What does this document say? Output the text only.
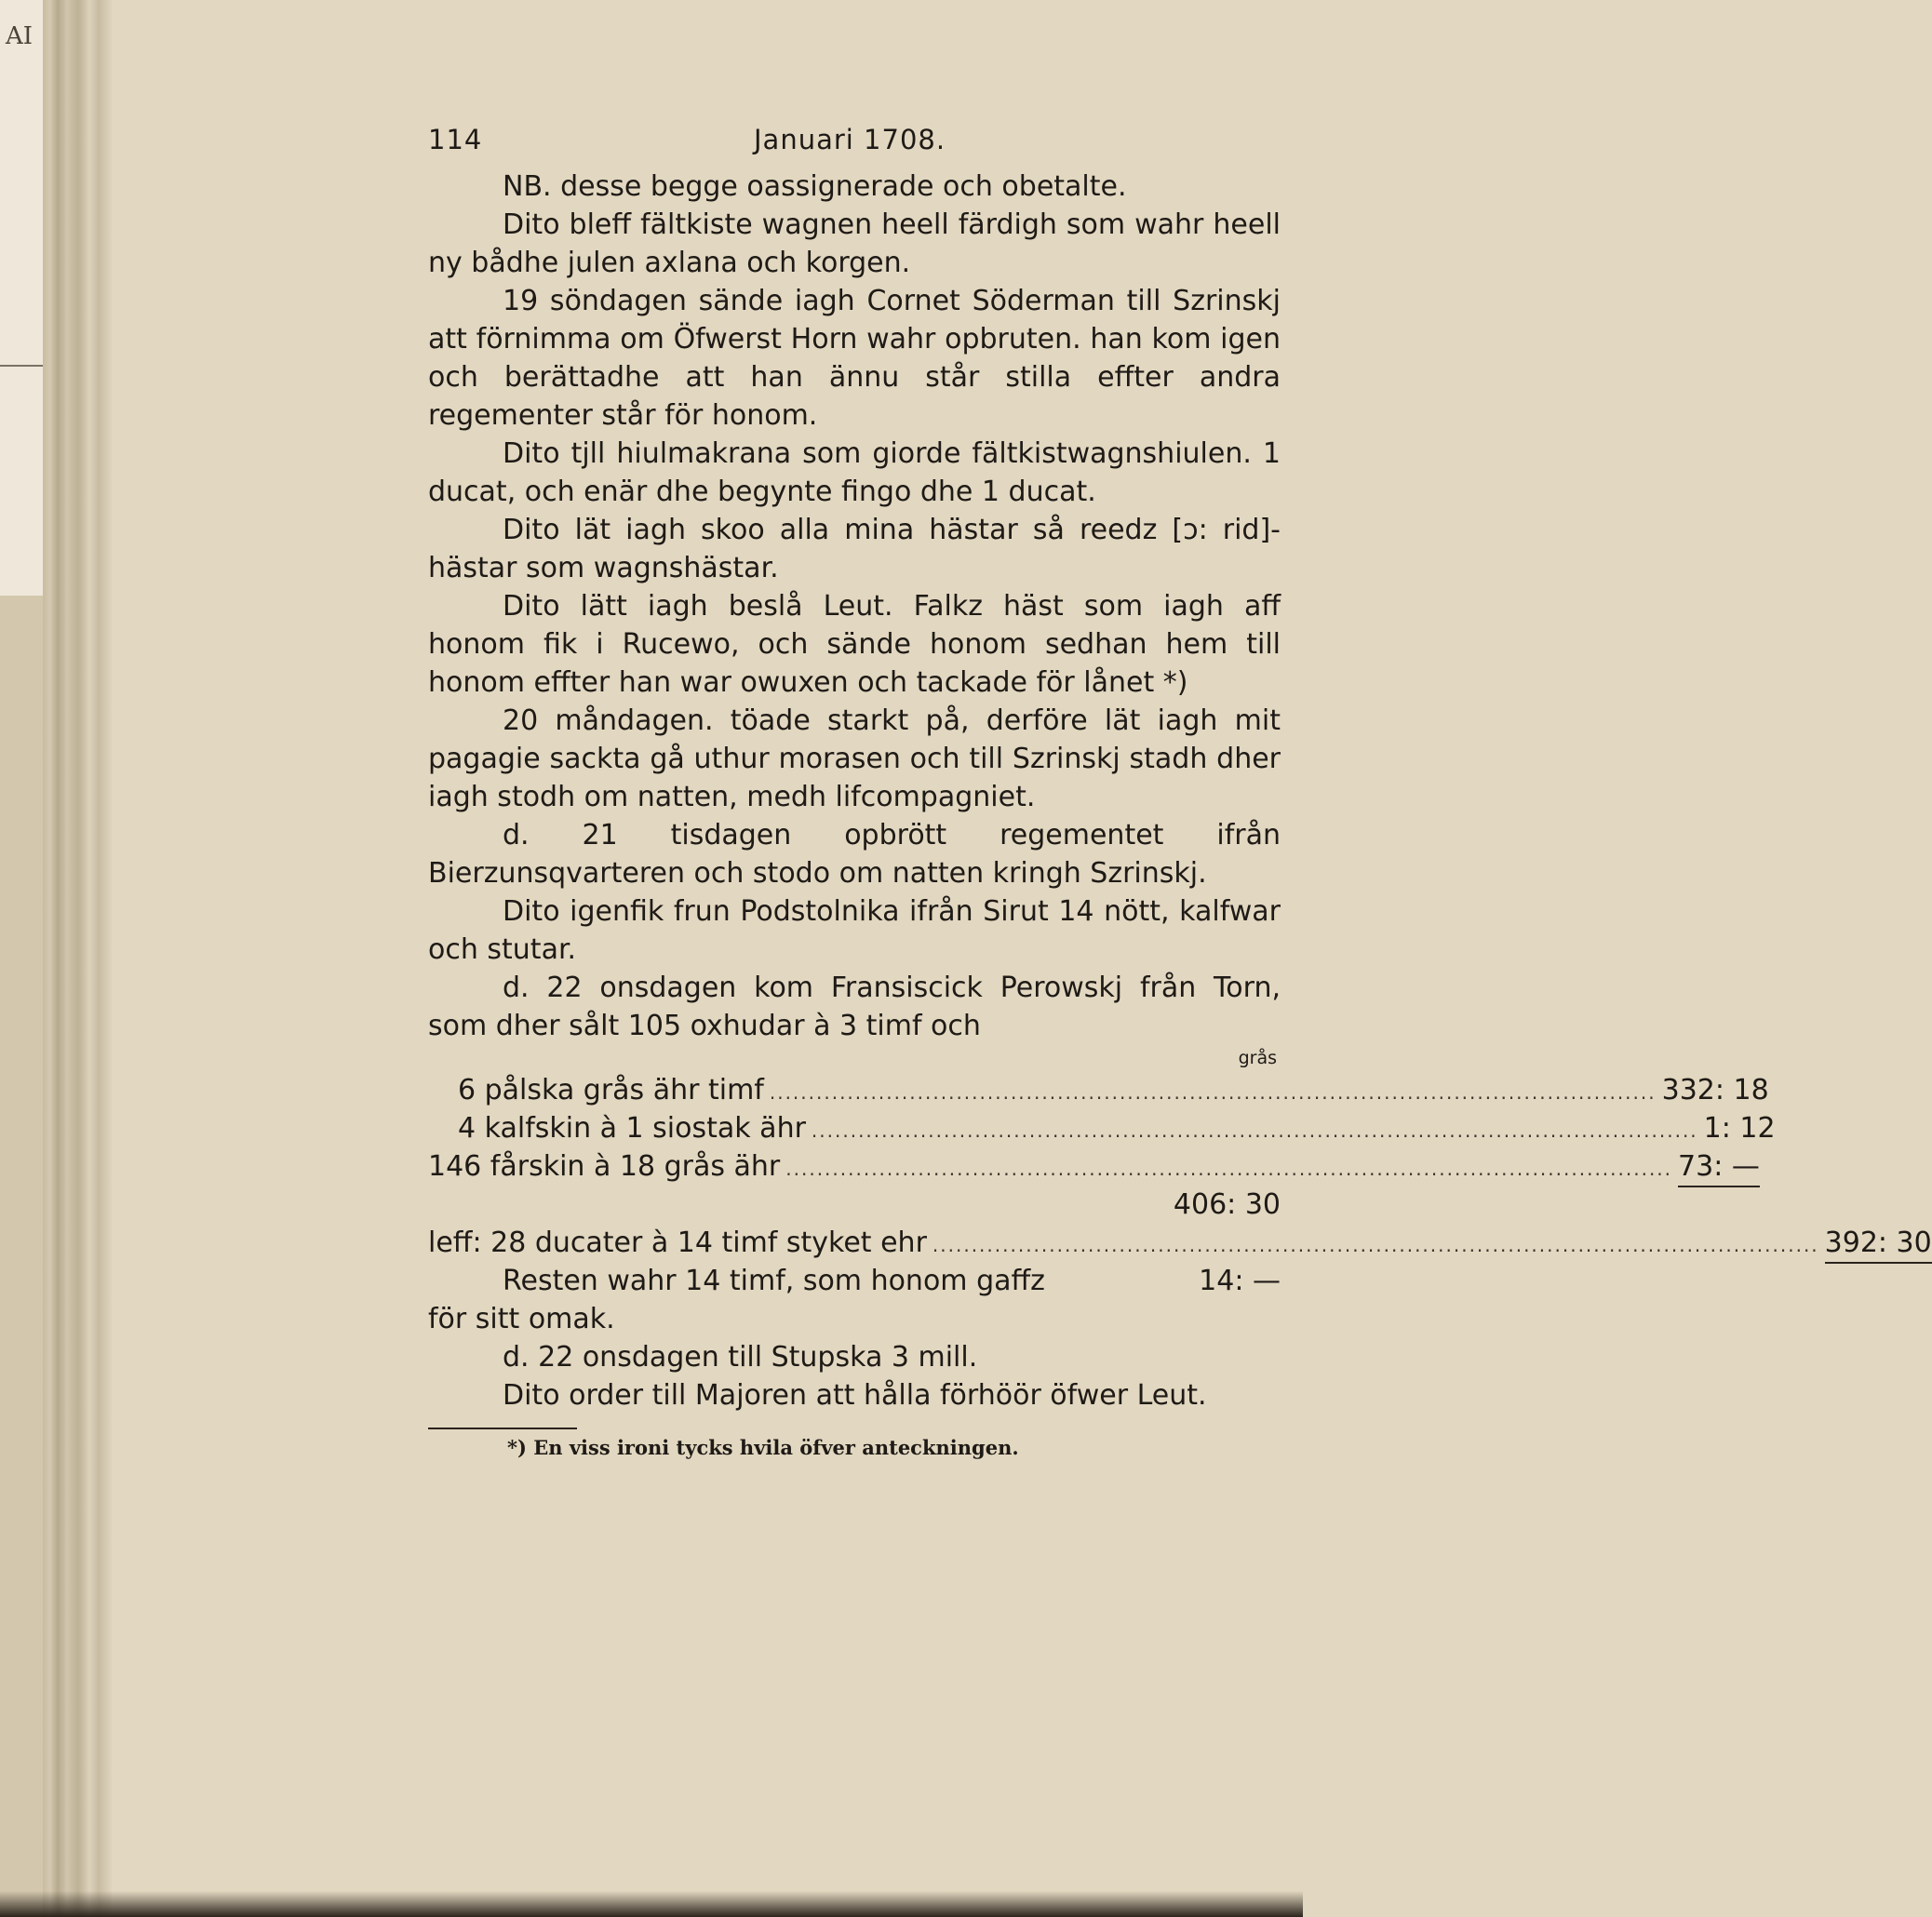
AI
114	Januari 1708.

NB. desse begge oassignerade och obetalte.

Dito bleff fältkiste wagnen heell färdigh som wahr heell ny bådhe julen axlana och korgen.

19 söndagen sände iagh Cornet Söderman till Szrinskj att förnimma om Öfwerst Horn wahr opbruten. han kom igen och berättadhe att han ännu står stilla effter andra regementer står för honom.

Dito tjll hiulmakrana som giorde fältkistwagnshiulen. 1 ducat, och enär dhe begynte fingo dhe 1 ducat.

Dito lät iagh skoo alla mina hästar så reedz [ɔ: rid]-hästar som wagnshästar.

Dito lätt iagh beslå Leut. Falkz häst som iagh aff honom fik i Rucewo, och sände honom sedhan hem till honom effter han war owuxen och tackade för lånet *)

20 måndagen. töade starkt på, derföre lät iagh mit pagagie sackta gå uthur morasen och till Szrinskj stadh dher iagh stodh om natten, medh lifcompagniet.

d. 21 tisdagen opbrött regementet ifrån Bierzunsqvarteren och stodo om natten kringh Szrinskj.

Dito igenfik frun Podstolnika ifrån Sirut 14 nött, kalfwar och stutar.

d. 22 onsdagen kom Fransiscick Perowskj från Torn, som dher sålt 105 oxhudar à 3 timf och

grås
6 pålska grås ähr timf .................................................................................................................. 332: 18
4 kalfskin à 1 siostak ähr .................................................................................................................. 1: 12
146 fårskin à 18 grås ähr .................................................................................................................. 73: —
406: 30
leff: 28 ducater à 14 timf styket ehr .................................................................................................................. 392: 30
Resten wahr 14 timf, som honom gaffz	14: —

för sitt omak.

d. 22 onsdagen till Stupska 3 mill.

Dito order till Majoren att hålla förhöör öfwer Leut.

*) En viss ironi tycks hvila öfver anteckningen.
